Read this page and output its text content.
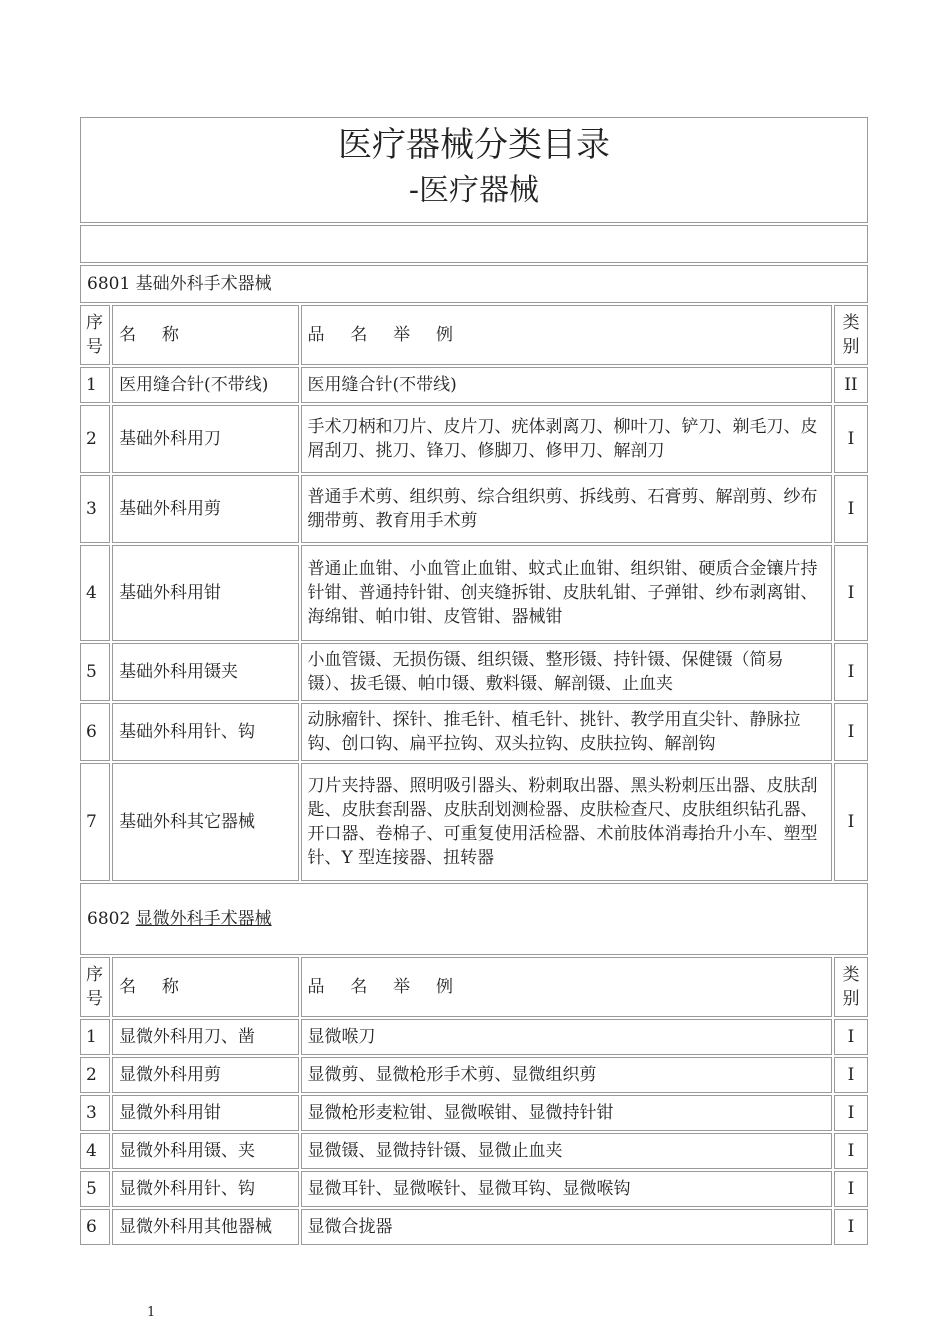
医疗器械分类目录
-医疗器械			

6801 基础外科手术器械			
序号	名 称	品 名 举 例	类别
1	医用缝合针(不带线)	医用缝合针(不带线)	II
2	基础外科用刀	手术刀柄和刀片、皮片刀、疣体剥离刀、柳叶刀、铲刀、剃毛刀、皮屑刮刀、挑刀、锋刀、修脚刀、修甲刀、解剖刀	I
3	基础外科用剪	普通手术剪、组织剪、综合组织剪、拆线剪、石膏剪、解剖剪、纱布绷带剪、教育用手术剪	I
4	基础外科用钳	普通止血钳、小血管止血钳、蚊式止血钳、组织钳、硬质合金镶片持针钳、普通持针钳、创夹缝拆钳、皮肤轧钳、子弹钳、纱布剥离钳、海绵钳、帕巾钳、皮管钳、器械钳	I
5	基础外科用镊夹	小血管镊、无损伤镊、组织镊、整形镊、持针镊、保健镊（简易镊）、拔毛镊、帕巾镊、敷料镊、解剖镊、止血夹	I
6	基础外科用针、钩	动脉瘤针、探针、推毛针、植毛针、挑针、教学用直尖针、静脉拉钩、创口钩、扁平拉钩、双头拉钩、皮肤拉钩、解剖钩	I
7	基础外科其它器械	刀片夹持器、照明吸引器头、粉刺取出器、黑头粉刺压出器、皮肤刮匙、皮肤套刮器、皮肤刮划测检器、皮肤检查尺、皮肤组织钻孔器、开口器、卷棉子、可重复使用活检器、术前肢体消毒抬升小车、塑型针、Y 型连接器、扭转器	I
6802 显微外科手术器械			
序号	名 称	品 名 举 例	类别
1	显微外科用刀、凿	显微喉刀	I
2	显微外科用剪	显微剪、显微枪形手术剪、显微组织剪	I
3	显微外科用钳	显微枪形麦粒钳、显微喉钳、显微持针钳	I
4	显微外科用镊、夹	显微镊、显微持针镊、显微止血夹	I
5	显微外科用针、钩	显微耳针、显微喉针、显微耳钩、显微喉钩	I
6	显微外科用其他器械	显微合拢器	I
1
